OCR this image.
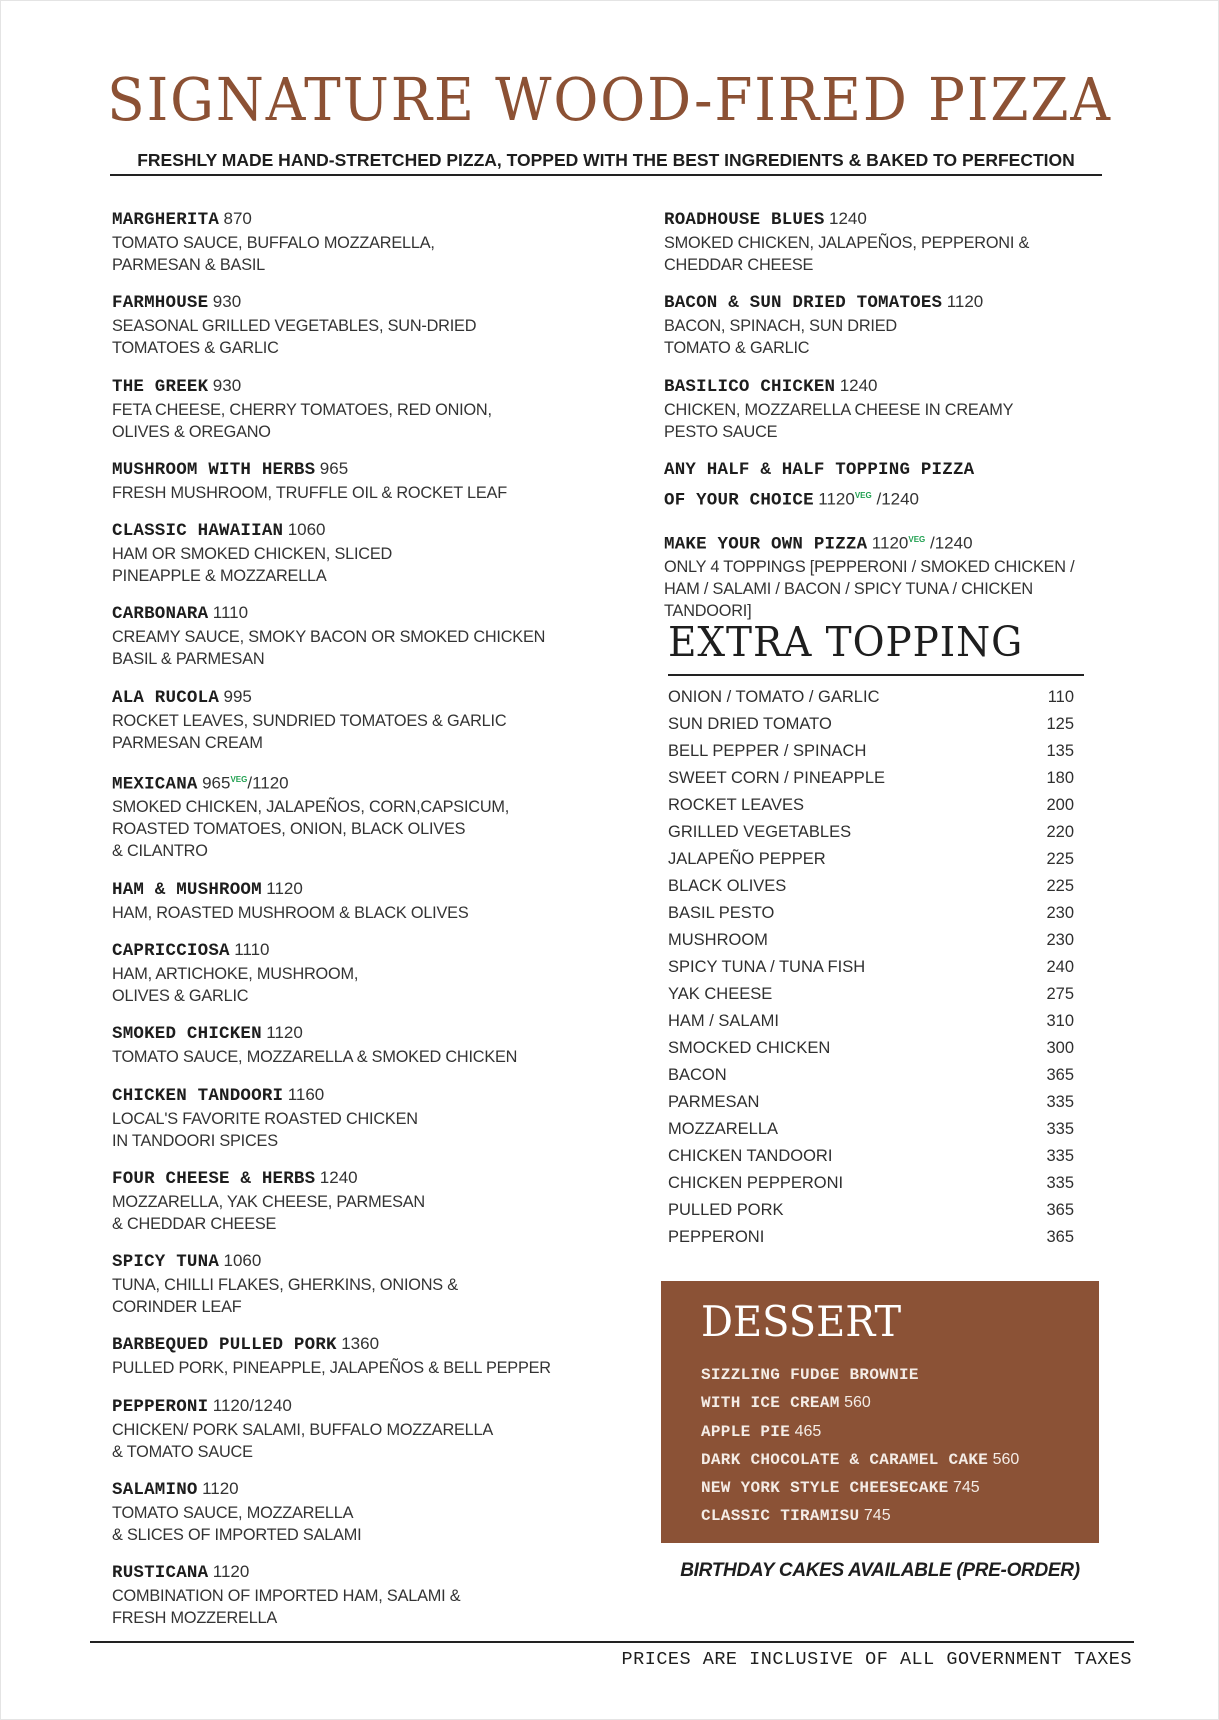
SIGNATURE WOOD-FIRED PIZZA

FRESHLY MADE HAND-STRETCHED PIZZA, TOPPED WITH THE BEST INGREDIENTS & BAKED TO PERFECTION

MARGHERITA 870
TOMATO SAUCE, BUFFALO MOZZARELLA,
PARMESAN & BASIL
FARMHOUSE 930
SEASONAL GRILLED VEGETABLES, SUN-DRIED
TOMATOES & GARLIC
THE GREEK 930
FETA CHEESE, CHERRY TOMATOES, RED ONION,
OLIVES & OREGANO
MUSHROOM WITH HERBS 965
FRESH MUSHROOM, TRUFFLE OIL & ROCKET LEAF
CLASSIC HAWAIIAN 1060
HAM OR SMOKED CHICKEN, SLICED
PINEAPPLE & MOZZARELLA
CARBONARA 1110
CREAMY SAUCE, SMOKY BACON OR SMOKED CHICKEN
BASIL & PARMESAN
ALA RUCOLA 995
ROCKET LEAVES, SUNDRIED TOMATOES & GARLIC
PARMESAN CREAM
MEXICANA $965^{VEG}/1120$
SMOKED CHICKEN, JALAPEÑOS, CORN,CAPSICUM,
ROASTED TOMATOES, ONION, BLACK OLIVES
& CILANTRO
HAM & MUSHROOM 1120
HAM, ROASTED MUSHROOM & BLACK OLIVES
CAPRICCIOSA 1110
HAM, ARTICHOKE, MUSHROOM,
OLIVES & GARLIC
SMOKED CHICKEN 1120
TOMATO SAUCE, MOZZARELLA & SMOKED CHICKEN
CHICKEN TANDOORI 1160
LOCAL'S FAVORITE ROASTED CHICKEN
IN TANDOORI SPICES
FOUR CHEESE & HERBS 1240
MOZZARELLA, YAK CHEESE, PARMESAN
& CHEDDAR CHEESE
SPICY TUNA 1060
TUNA, CHILLI FLAKES, GHERKINS, ONIONS &
CORINDER LEAF
BARBEQUED PULLED PORK 1360
PULLED PORK, PINEAPPLE, JALAPEÑOS & BELL PEPPER
PEPPERONI 1120/1240
CHICKEN/ PORK SALAMI, BUFFALO MOZZARELLA
& TOMATO SAUCE
SALAMINO 1120
TOMATO SAUCE, MOZZARELLA
& SLICES OF IMPORTED SALAMI
RUSTICANA 1120
COMBINATION OF IMPORTED HAM, SALAMI &
FRESH MOZZERELLA
ROADHOUSE BLUES 1240
SMOKED CHICKEN, JALAPEÑOS, PEPPERONI &
CHEDDAR CHEESE
BACON & SUN DRIED TOMATOES 1120
BACON, SPINACH, SUN DRIED
TOMATO & GARLIC
BASILICO CHICKEN 1240
CHICKEN, MOZZARELLA CHEESE IN CREAMY
PESTO SAUCE
ANY HALF & HALF TOPPING PIZZA
OF YOUR CHOICE $1120^{VEG}$ /1240
MAKE YOUR OWN PIZZA $1120^{VEG}$ /1240
ONLY 4 TOPPINGS [PEPPERONI / SMOKED CHICKEN /
HAM / SALAMI / BACON / SPICY TUNA / CHICKEN
TANDOORI]
EXTRA TOPPING
ONION / TOMATO / GARLIC	110
SUN DRIED TOMATO	125
BELL PEPPER / SPINACH	135
SWEET CORN / PINEAPPLE	180
ROCKET LEAVES	200
GRILLED VEGETABLES	220
JALAPEÑO PEPPER	225
BLACK OLIVES	225
BASIL PESTO	230
MUSHROOM	230
SPICY TUNA / TUNA FISH	240
YAK CHEESE	275
HAM / SALAMI	310
SMOCKED CHICKEN	300
BACON	365
PARMESAN	335
MOZZARELLA	335
CHICKEN TANDOORI	335
CHICKEN PEPPERONI	335
PULLED PORK	365
PEPPERONI	365
DESSERT
SIZZLING FUDGE BROWNIE
WITH ICE CREAM 560
APPLE PIE 465
DARK CHOCOLATE & CARAMEL CAKE 560
NEW YORK STYLE CHEESECAKE 745
CLASSIC TIRAMISU 745
BIRTHDAY CAKES AVAILABLE (PRE-ORDER)

PRICES ARE INCLUSIVE OF ALL GOVERNMENT TAXES
